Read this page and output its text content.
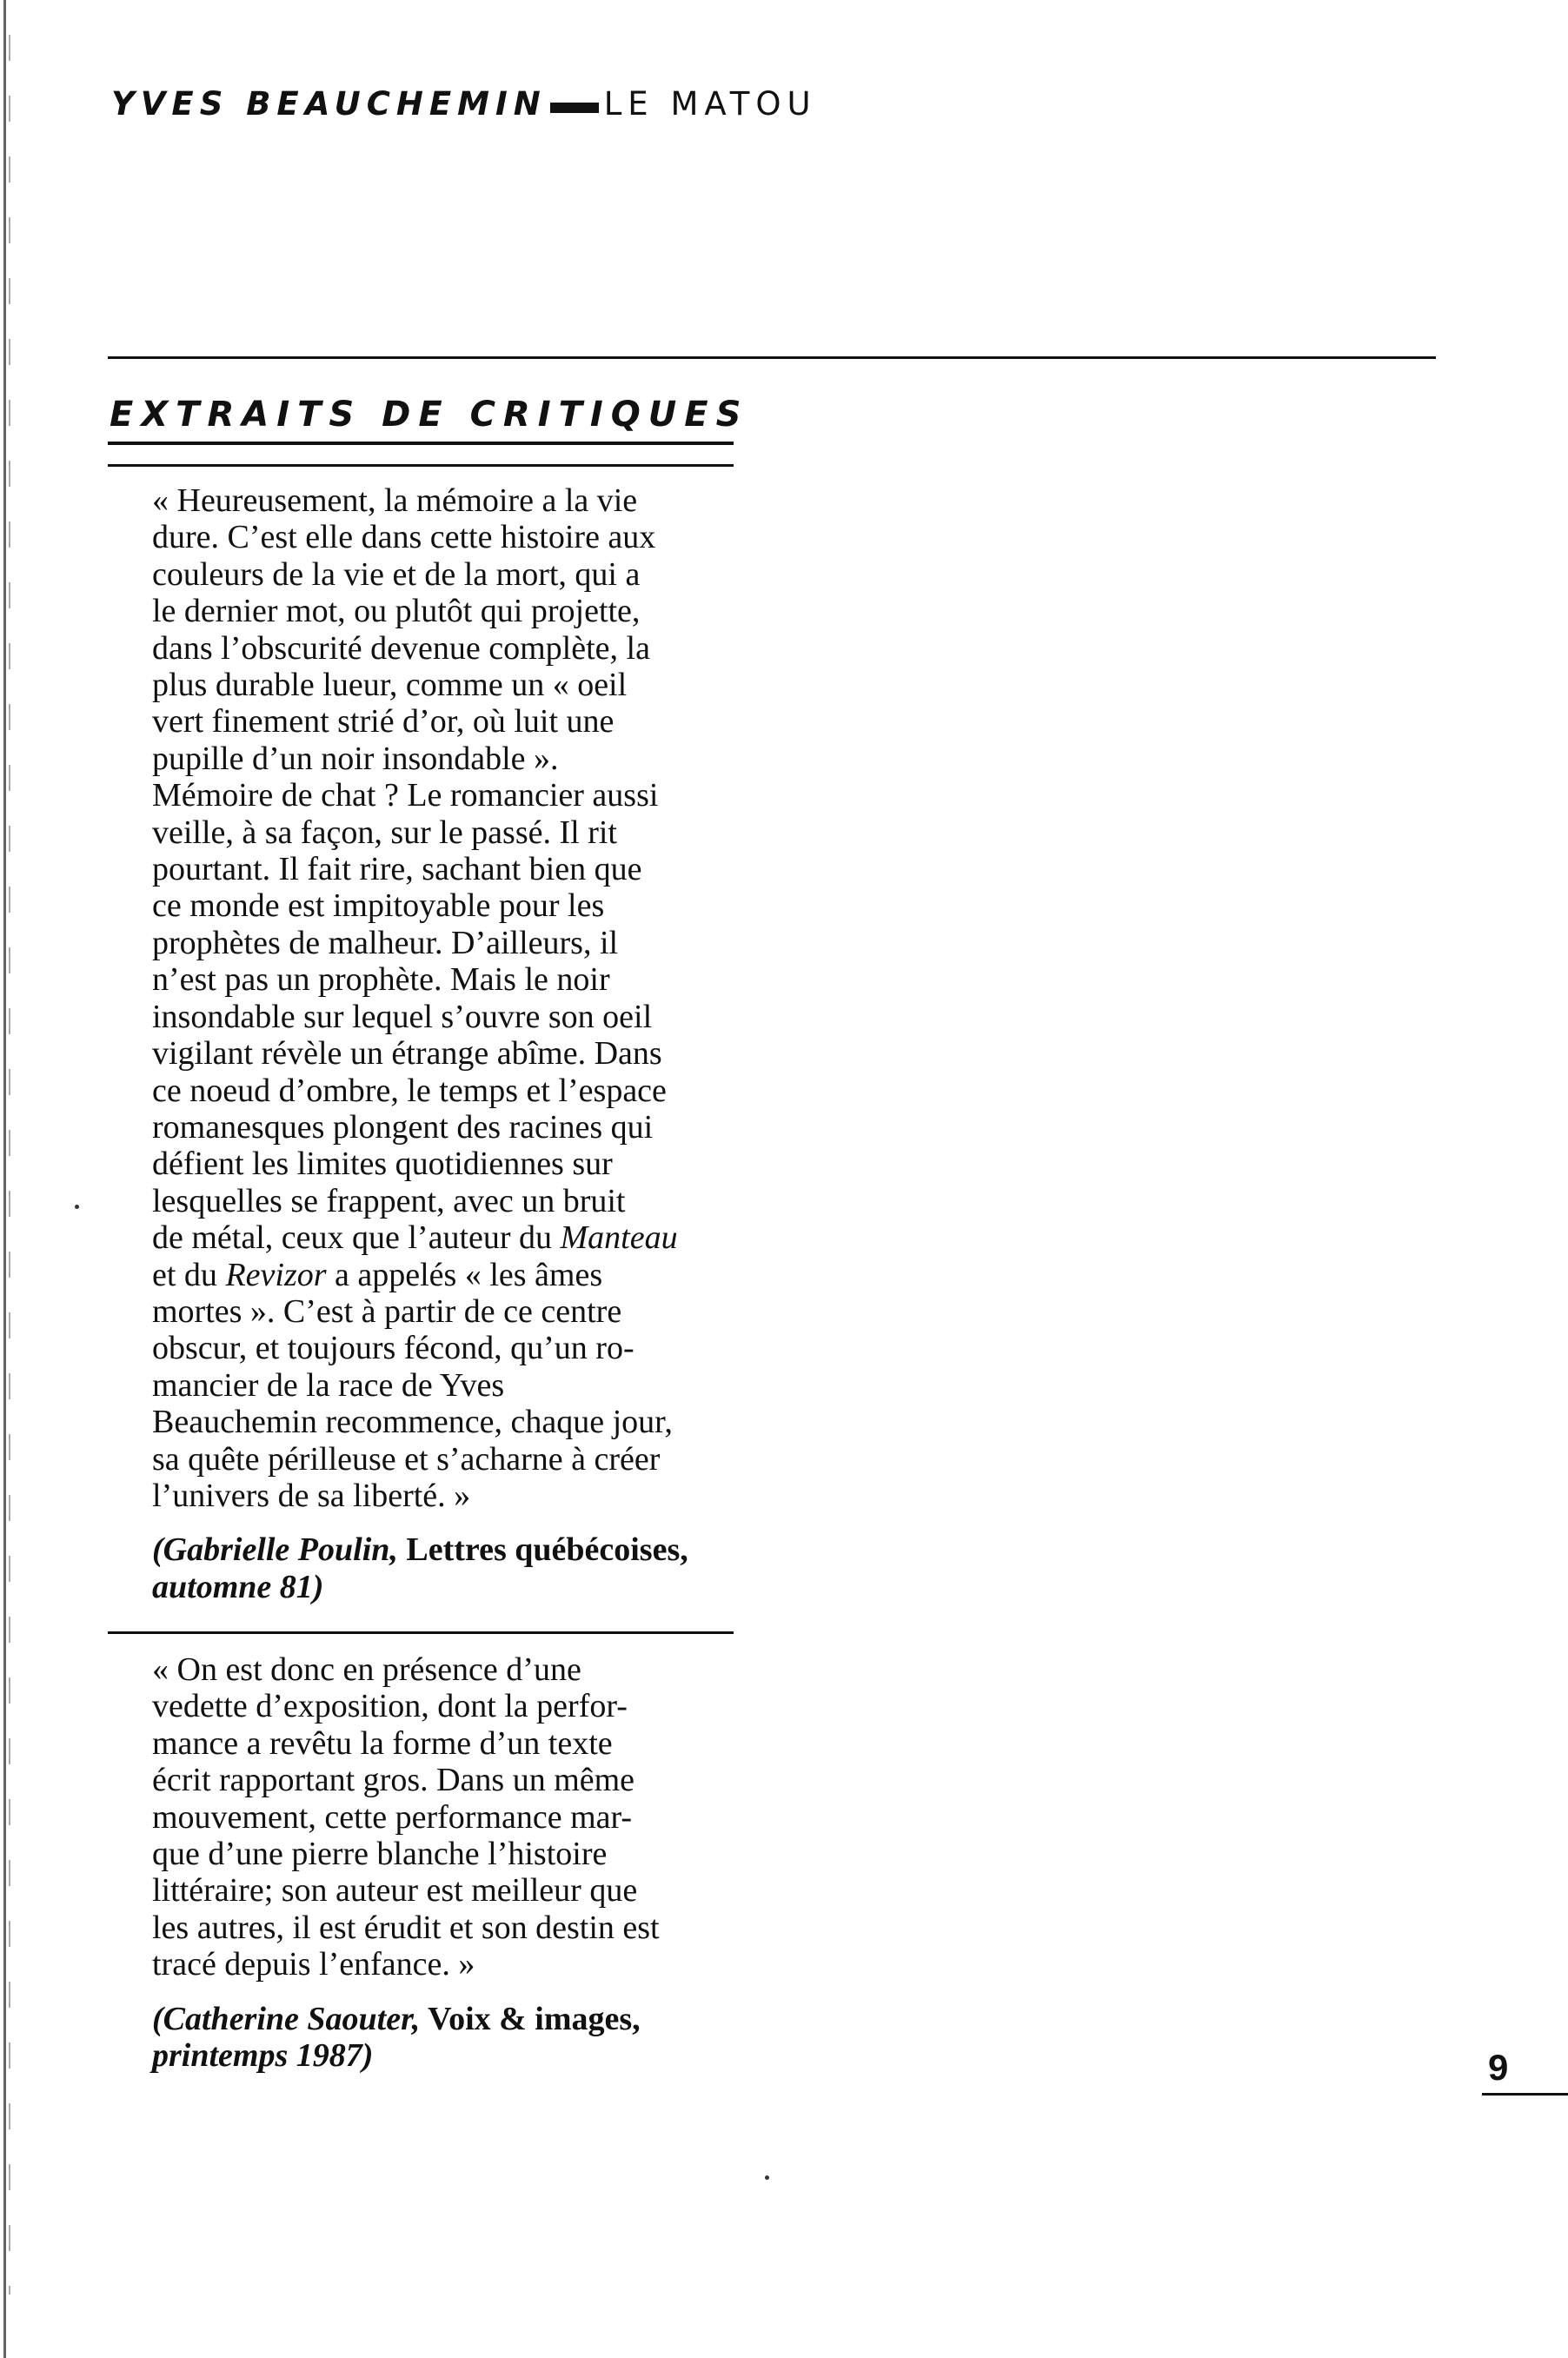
YVES BEAUCHEMIN LE MATOU
EXTRAITS DE CRITIQUES

« Heureusement, la mémoire a la vie
dure. C’est elle dans cette histoire aux
couleurs de la vie et de la mort, qui a
le dernier mot, ou plutôt qui projette,
dans l’obscurité devenue complète, la
plus durable lueur, comme un « oeil
vert finement strié d’or, où luit une
pupille d’un noir insondable ».
Mémoire de chat ? Le romancier aussi
veille, à sa façon, sur le passé. Il rit
pourtant. Il fait rire, sachant bien que
ce monde est impitoyable pour les
prophètes de malheur. D’ailleurs, il
n’est pas un prophète. Mais le noir
insondable sur lequel s’ouvre son oeil
vigilant révèle un étrange abîme. Dans
ce noeud d’ombre, le temps et l’espace
romanesques plongent des racines qui
défient les limites quotidiennes sur
lesquelles se frappent, avec un bruit
de métal, ceux que l’auteur du Manteau
et du Revizor a appelés « les âmes
mortes ». C’est à partir de ce centre
obscur, et toujours fécond, qu’un ro-
mancier de la race de Yves
Beauchemin recommence, chaque jour,
sa quête périlleuse et s’acharne à créer
l’univers de sa liberté. »

(Gabrielle Poulin, Lettres québécoises,
automne 81)

« On est donc en présence d’une
vedette d’exposition, dont la perfor-
mance a revêtu la forme d’un texte
écrit rapportant gros. Dans un même
mouvement, cette performance mar-
que d’une pierre blanche l’histoire
littéraire; son auteur est meilleur que
les autres, il est érudit et son destin est
tracé depuis l’enfance. »

(Catherine Saouter, Voix & images,
printemps 1987)	9
